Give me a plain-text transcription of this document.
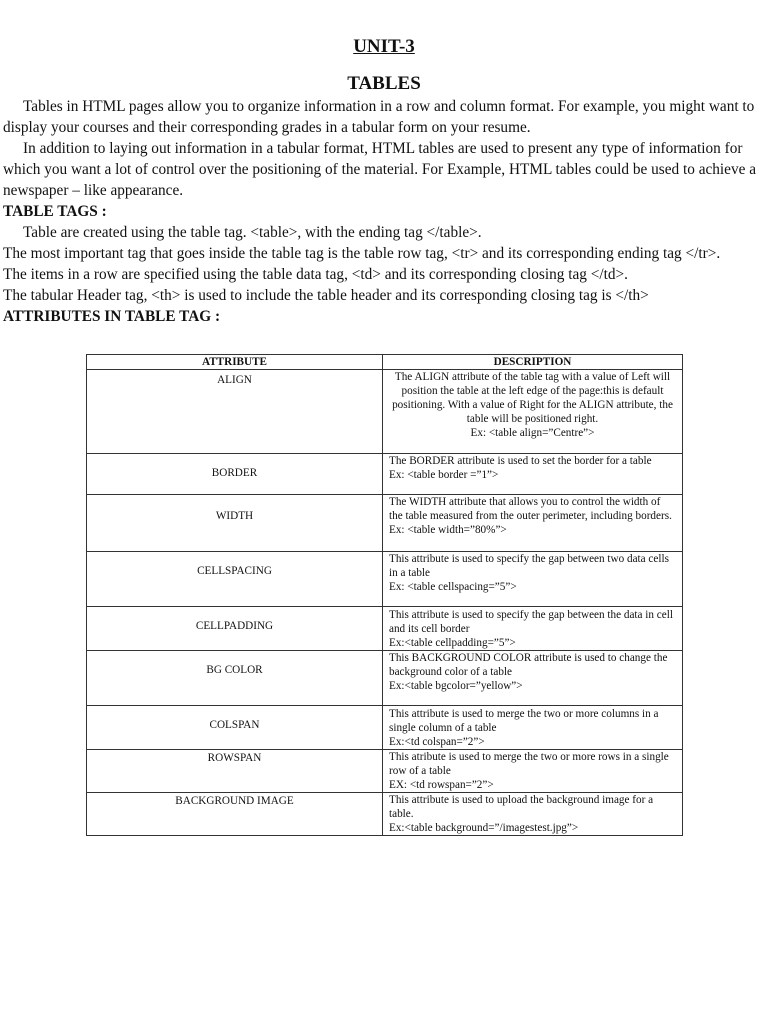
UNIT-3
TABLES

Tables in HTML pages allow you to organize information in a row and column format. For example, you might want to display your courses and their corresponding grades in a tabular form on your resume.

In addition to laying out information in a tabular format, HTML tables are used to present any type of information for which you want a lot of control over the positioning of the material. For Example, HTML tables could be used to achieve a newspaper – like appearance.

TABLE TAGS :

Table are created using the table tag. <table>, with the ending tag </table>.

The most important tag that goes inside the table tag is the table row tag, <tr> and its corresponding ending tag </tr>.

The items in a row are specified using the table data tag, <td> and its corresponding closing tag </td>.

The tabular Header tag, <th> is used to include the table header and its corresponding closing tag is </th>

ATTRIBUTES IN TABLE TAG :

ATTRIBUTE	DESCRIPTION
ALIGN	The ALIGN attribute of the table tag with a value of Left will position the table at the left edge of the page:this is default positioning. With a value of Right for the ALIGN attribute, the table will be positioned right.
Ex: <table align=”Centre”>

BORDER	The BORDER attribute is used to set the border for a table
Ex: <table border =”1”>

WIDTH	The WIDTH attribute that allows you to control the width of the table measured from the outer perimeter, including borders.
Ex: <table width=”80%”>

CELLSPACING	This attribute is used to specify the gap between two data cells in a table
Ex: <table cellspacing=”5”>

CELLPADDING	This attribute is used to specify the gap between the data in cell and its cell border
Ex:<table cellpadding=”5”>

BG COLOR	This BACKGROUND COLOR attribute is used to change the background color of a table
Ex:<table bgcolor=”yellow”>

COLSPAN	This attribute is used to merge the two or more columns in a single column of a table
Ex:<td colspan=”2”>

ROWSPAN	This atribute is used to merge the two or more rows in a single row of a table
EX: <td rowspan=”2”>

BACKGROUND IMAGE	This attribute is used to upload the background image for a table.
Ex:<table background=”/imagestest.jpg”>
